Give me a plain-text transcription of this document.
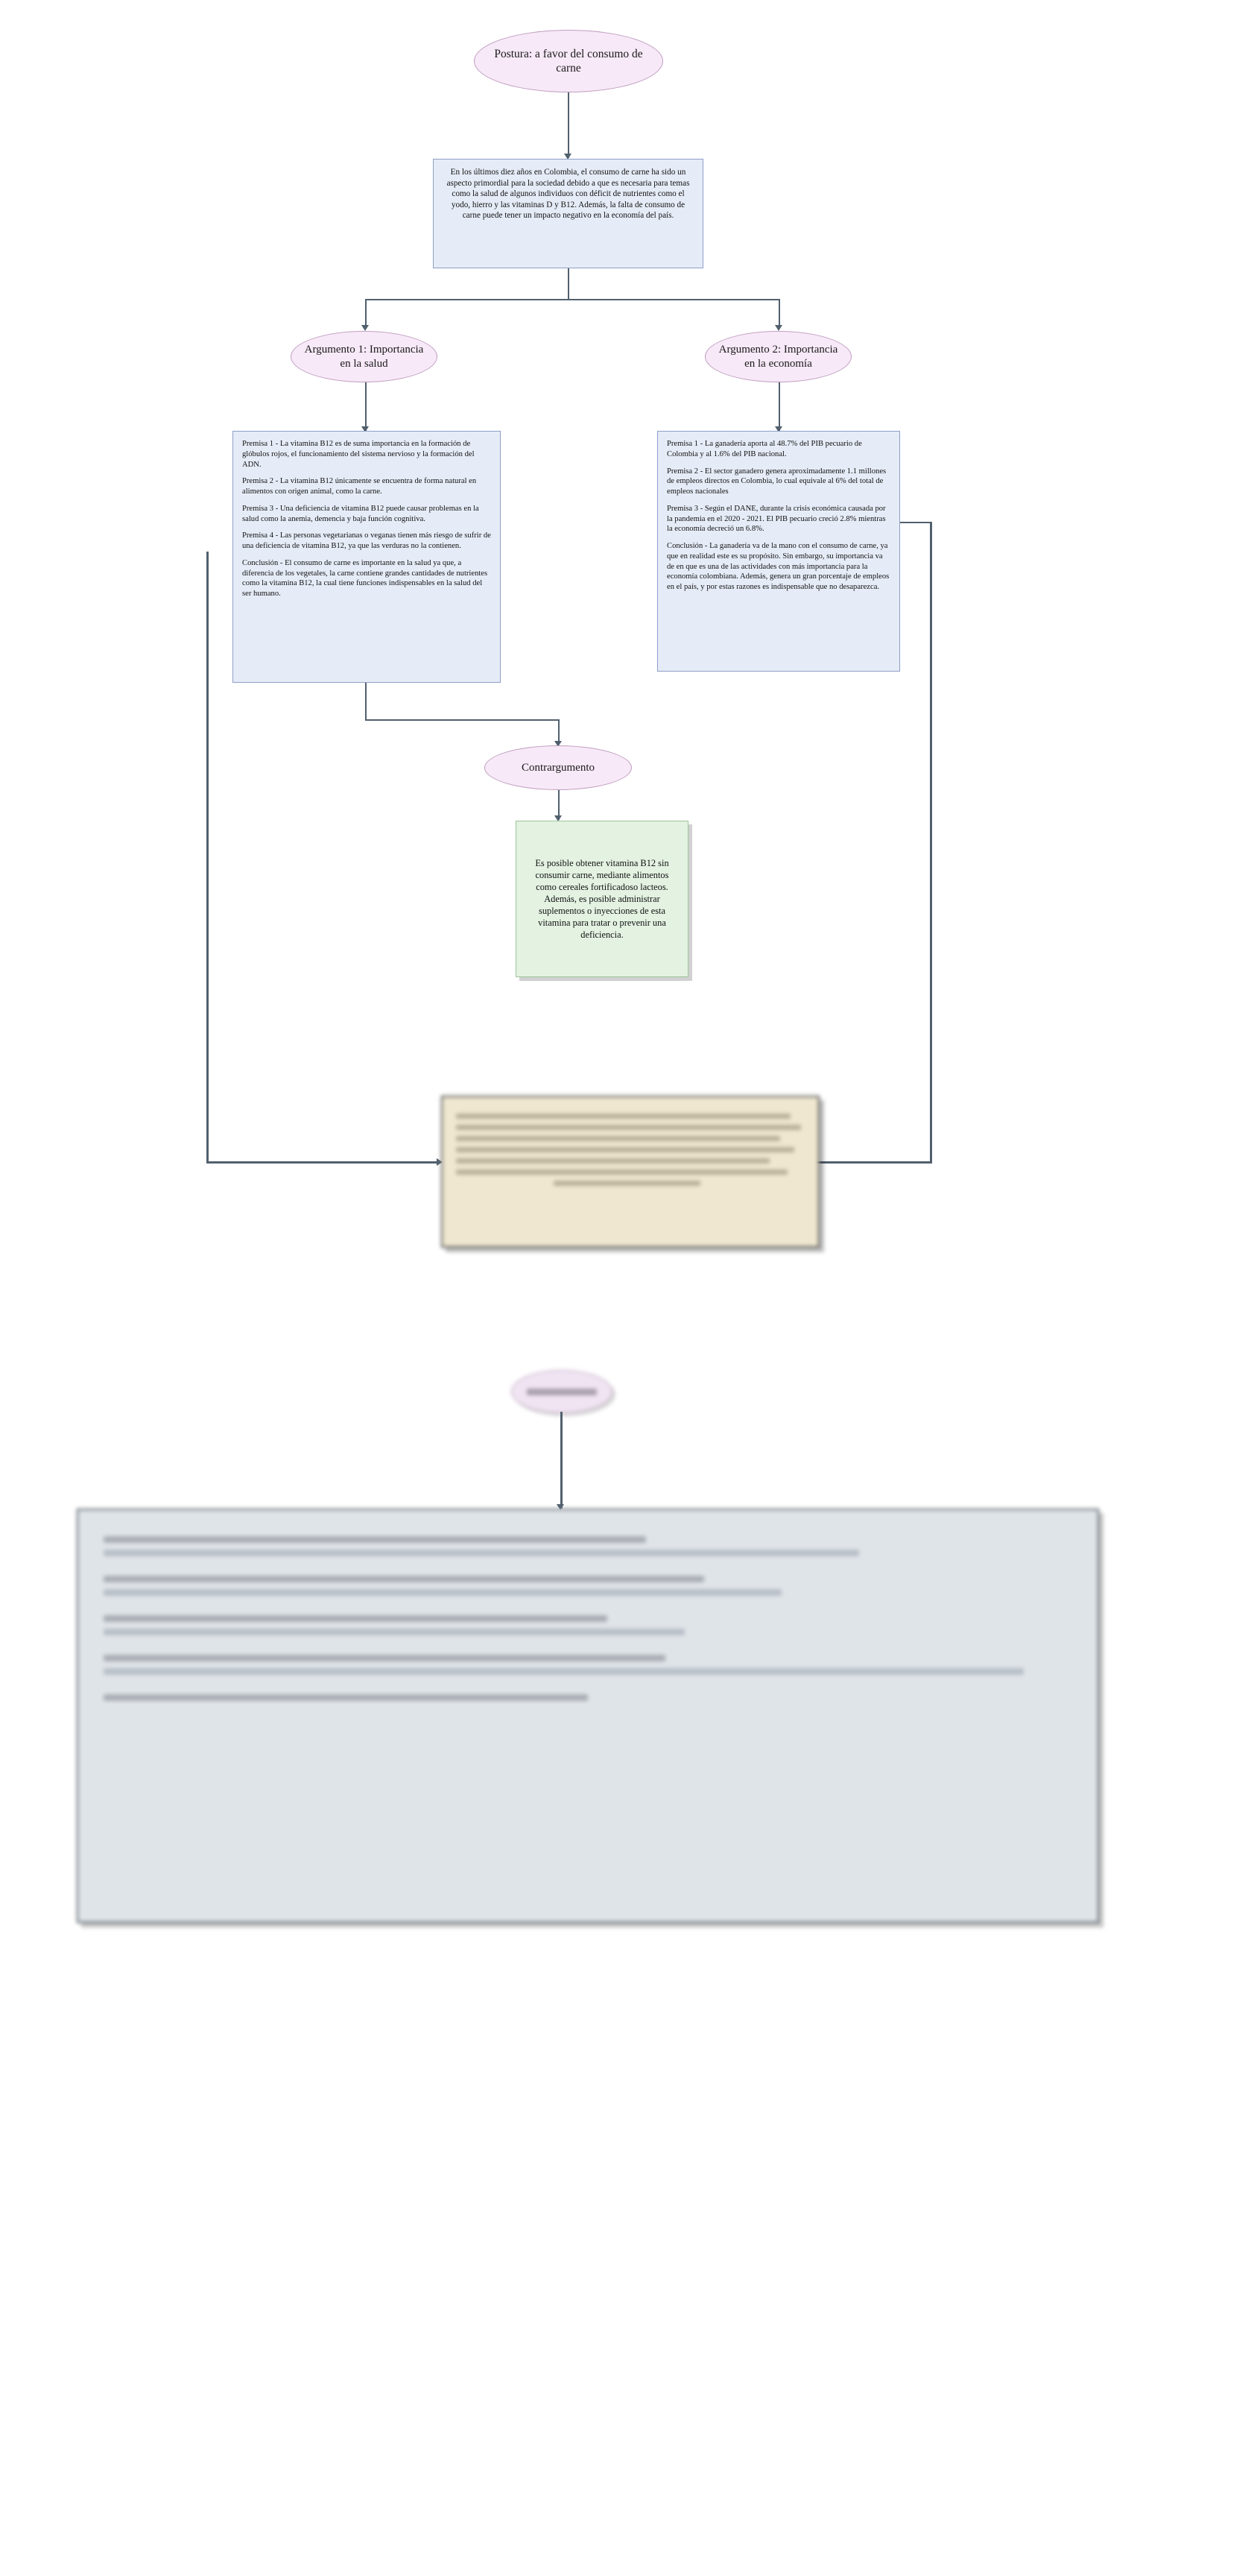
Postura: a favor del consumo de carne
En los últimos diez años en Colombia, el consumo de carne ha sido un aspecto primordial para la sociedad debido a que es necesaria para temas como la salud de algunos individuos con déficit de nutrientes como el yodo, hierro y las vitaminas D y B12. Además, la falta de consumo de carne puede tener un impacto negativo en la economía del país.
Argumento 1: Importancia en la salud
Argumento 2: Importancia en la economía

Premisa 1 - La vitamina B12 es de suma importancia en la formación de glóbulos rojos, el funcionamiento del sistema nervioso y la formación del ADN.

Premisa 2 - La vitamina B12 únicamente se encuentra de forma natural en alimentos con origen animal, como la carne.

Premisa 3 - Una deficiencia de vitamina B12 puede causar problemas en la salud como la anemia, demencia y baja función cognitiva.

Premisa 4 - Las personas vegetarianas o veganas tienen más riesgo de sufrir de una deficiencia de vitamina B12, ya que las verduras no la contienen.

Conclusión - El consumo de carne es importante en la salud ya que, a diferencia de los vegetales, la carne contiene grandes cantidades de nutrientes como la vitamina B12, la cual tiene funciones indispensables en la salud del ser humano.

Premisa 1 - La ganadería aporta al 48.7% del PIB pecuario de Colombia y al 1.6% del PIB nacional.

Premisa 2 - El sector ganadero genera aproximadamente 1.1 millones de empleos directos en Colombia, lo cual equivale al 6% del total de empleos nacionales

Premisa 3 - Según el DANE, durante la crisis económica causada por la pandemia en el 2020 - 2021. El PIB pecuario creció 2.8% mientras la economía decreció un 6.8%.

Conclusión - La ganadería va de la mano con el consumo de carne, ya que en realidad este es su propósito. Sin embargo, su importancia va de en que es una de las actividades con más importancia para la economía colombiana. Además, genera un gran porcentaje de empleos en el país, y por estas razones es indispensable que no desaparezca.

Contrargumento
Es posible obtener vitamina B12 sin consumir carne, mediante alimentos como cereales fortificadoso lacteos. Además, es posible administrar suplementos o inyecciones de esta vitamina para tratar o prevenir una deficiencia.
